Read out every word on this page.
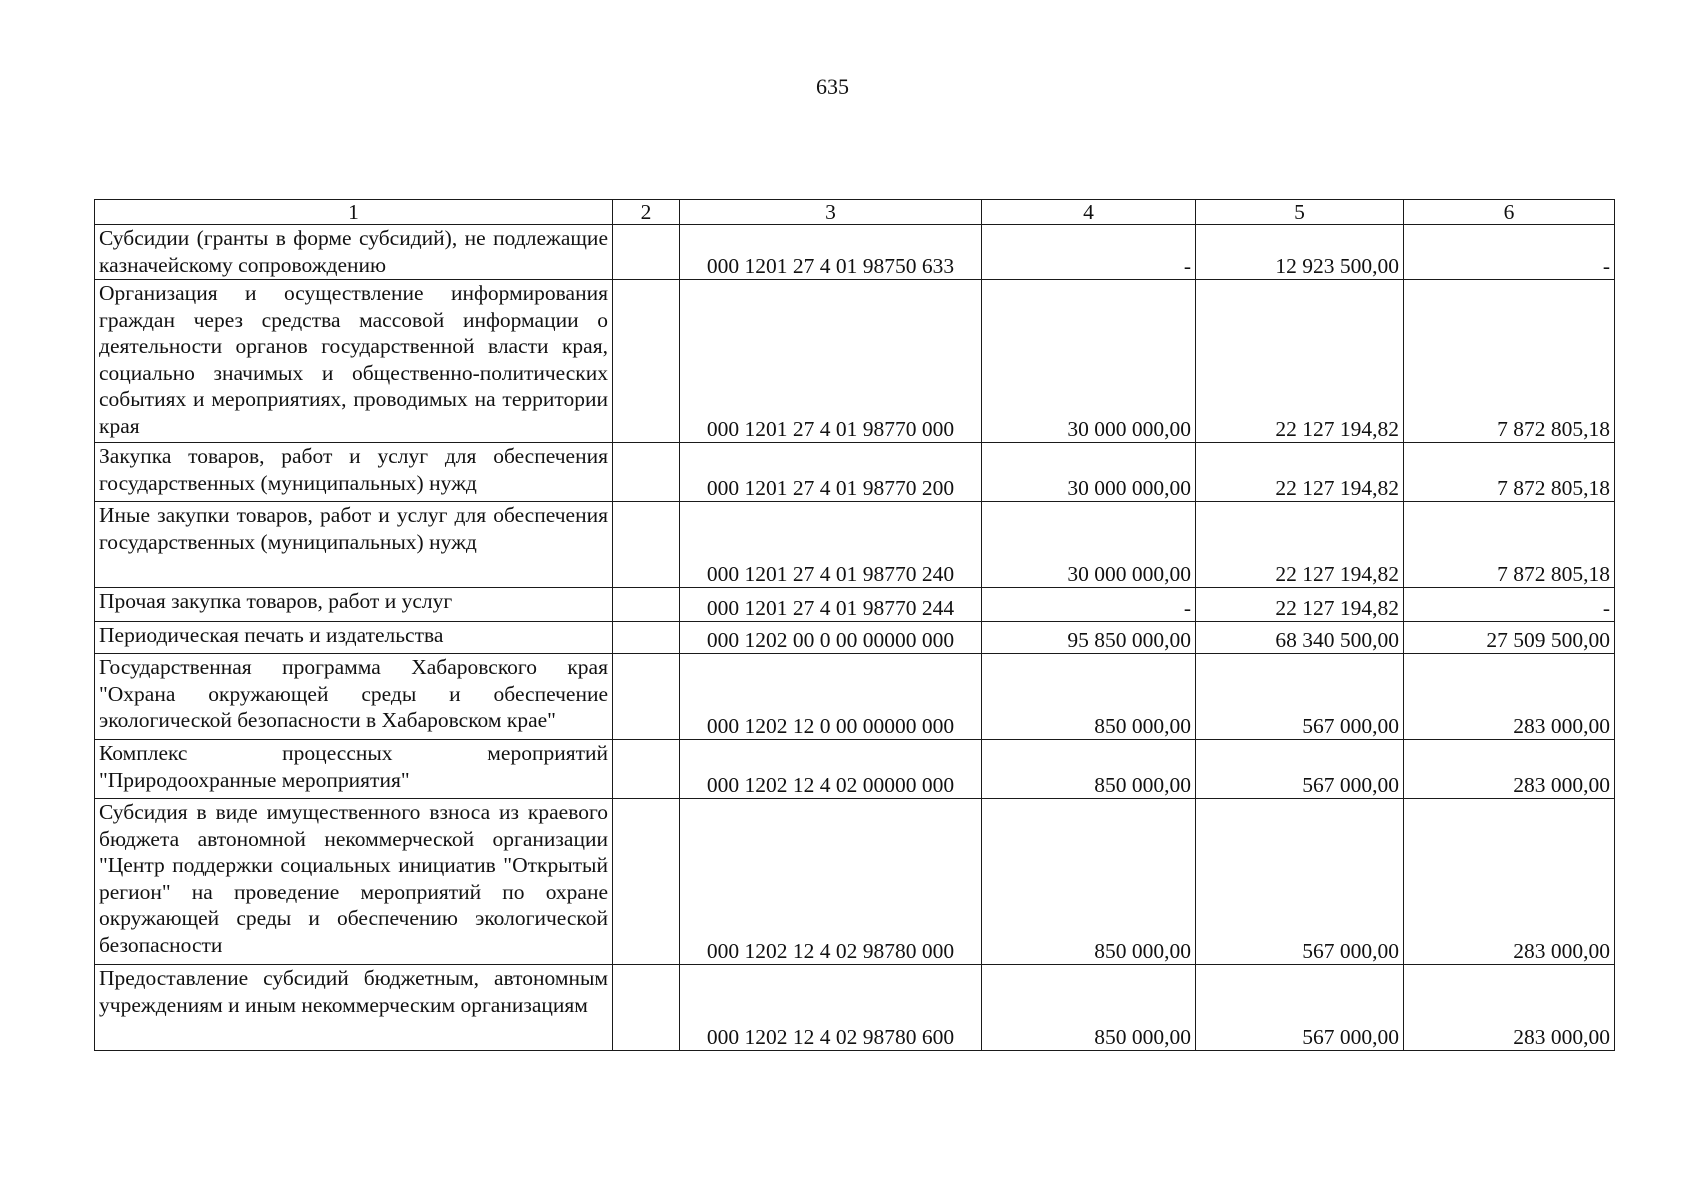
635
1	2	3	4	5	6
Субсидии (гранты в форме субсидий), не подлежащие казначейскому сопровождению		000 1201 27 4 01 98750 633	-	12 923 500,00	-
Организация и осуществление информирования граждан через средства массовой информации о деятельности органов государственной власти края, социально значимых и общественно-политических событиях и мероприятиях, проводимых на территории края		000 1201 27 4 01 98770 000	30 000 000,00	22 127 194,82	7 872 805,18
Закупка товаров, работ и услуг для обеспечения государственных (муниципальных) нужд		000 1201 27 4 01 98770 200	30 000 000,00	22 127 194,82	7 872 805,18
Иные закупки товаров, работ и услуг для обеспечения государственных (муниципальных) нужд		000 1201 27 4 01 98770 240	30 000 000,00	22 127 194,82	7 872 805,18
Прочая закупка товаров, работ и услуг		000 1201 27 4 01 98770 244	-	22 127 194,82	-
Периодическая печать и издательства		000 1202 00 0 00 00000 000	95 850 000,00	68 340 500,00	27 509 500,00
Государственная программа Хабаровского края "Охрана окружающей среды и обеспечение экологической безопасности в Хабаровском крае"		000 1202 12 0 00 00000 000	850 000,00	567 000,00	283 000,00
Комплекс процессных мероприятий "Природоохранные мероприятия"		000 1202 12 4 02 00000 000	850 000,00	567 000,00	283 000,00
Субсидия в виде имущественного взноса из краевого бюджета автономной некоммерческой организации "Центр поддержки социальных инициатив "Открытый регион" на проведение мероприятий по охране окружающей среды и обеспечению экологической безопасности		000 1202 12 4 02 98780 000	850 000,00	567 000,00	283 000,00
Предоставление субсидий бюджетным, автономным учреждениям и иным некоммерческим организациям		000 1202 12 4 02 98780 600	850 000,00	567 000,00	283 000,00
